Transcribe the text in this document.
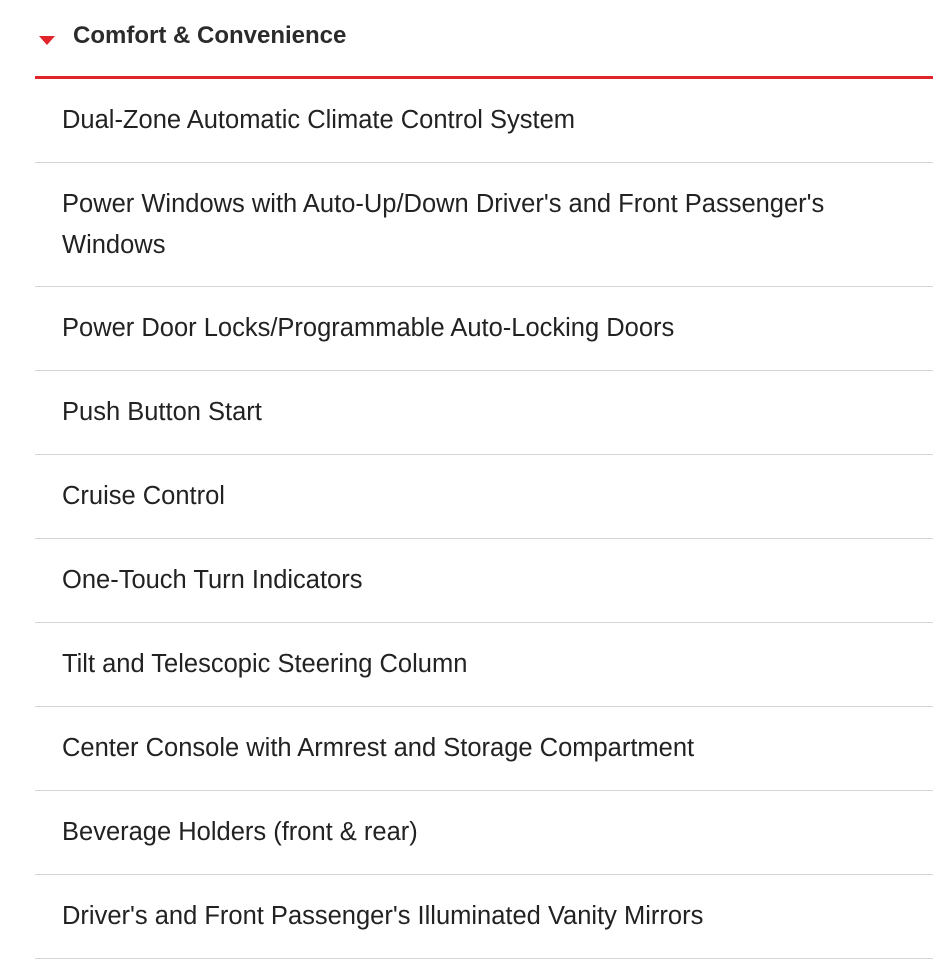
Comfort & Convenience
Dual-Zone Automatic Climate Control System
Power Windows with Auto-Up/Down Driver's and Front Passenger's Windows
Power Door Locks/Programmable Auto-Locking Doors
Push Button Start
Cruise Control
One-Touch Turn Indicators
Tilt and Telescopic Steering Column
Center Console with Armrest and Storage Compartment
Beverage Holders (front & rear)
Driver's and Front Passenger's Illuminated Vanity Mirrors
